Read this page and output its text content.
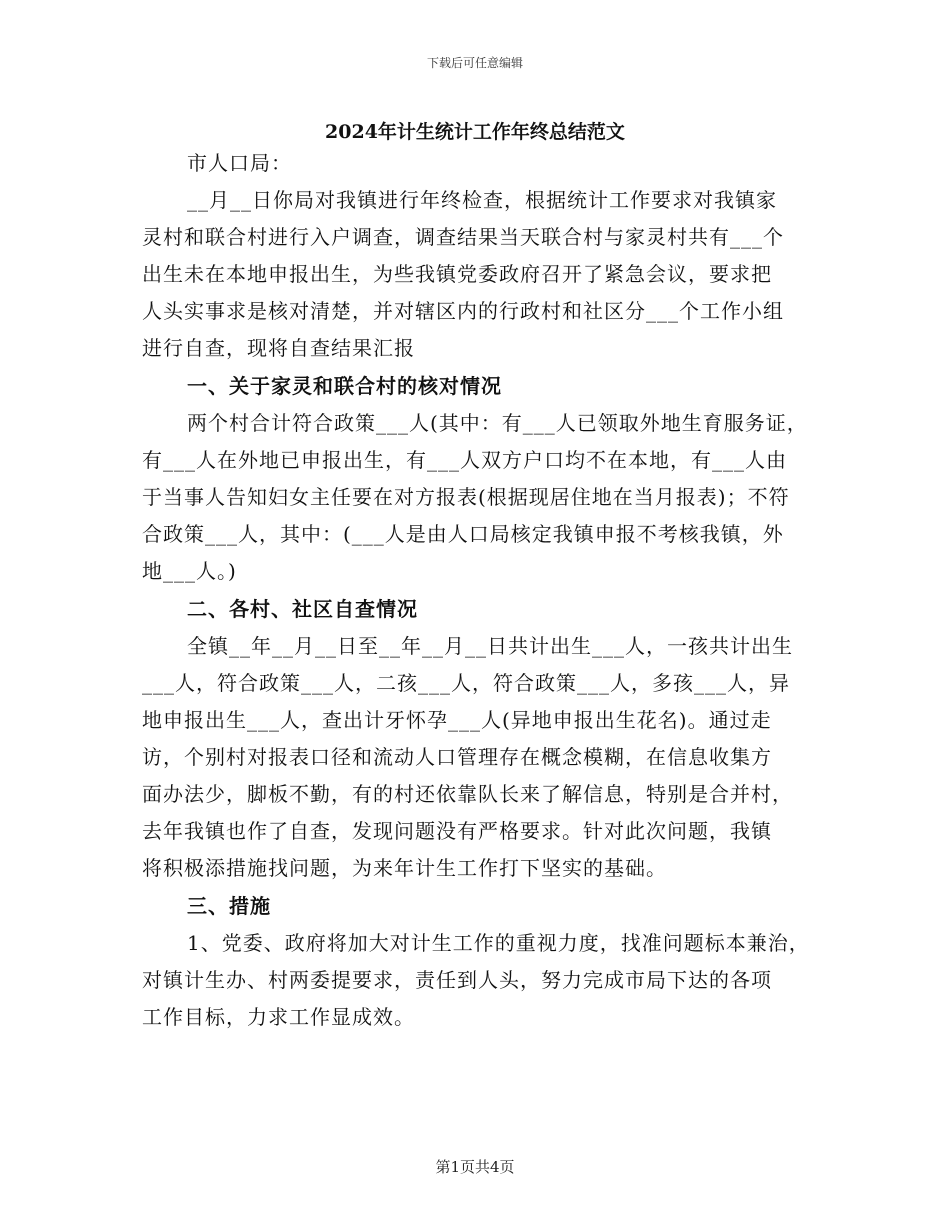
下载后可任意编辑
2024年计生统计工作年终总结范文
市人口局：
__月__日你局对我镇进行年终检查，根据统计工作要求对我镇家
灵村和联合村进行入户调查，调查结果当天联合村与家灵村共有___个
出生未在本地申报出生，为些我镇党委政府召开了紧急会议，要求把
人头实事求是核对清楚，并对辖区内的行政村和社区分___个工作小组
进行自查，现将自查结果汇报
一、关于家灵和联合村的核对情况
两个村合计符合政策___人(其中：有___人已领取外地生育服务证，
有___人在外地已申报出生，有___人双方户口均不在本地，有___人由
于当事人告知妇女主任要在对方报表(根据现居住地在当月报表)；不符
合政策___人，其中：(___人是由人口局核定我镇申报不考核我镇，外
地___人。)
二、各村、社区自查情况
全镇__年__月__日至__年__月__日共计出生___人，一孩共计出生
___人，符合政策___人，二孩___人，符合政策___人，多孩___人，异
地申报出生___人，查出计牙怀孕___人(异地申报出生花名)。通过走
访，个别村对报表口径和流动人口管理存在概念模糊，在信息收集方
面办法少，脚板不勤，有的村还依靠队长来了解信息，特别是合并村，
去年我镇也作了自查，发现问题没有严格要求。针对此次问题，我镇
将积极添措施找问题，为来年计生工作打下坚实的基础。
三、措施
1、党委、政府将加大对计生工作的重视力度，找准问题标本兼治，
对镇计生办、村两委提要求，责任到人头，努力完成市局下达的各项
工作目标，力求工作显成效。
第1页共4页
